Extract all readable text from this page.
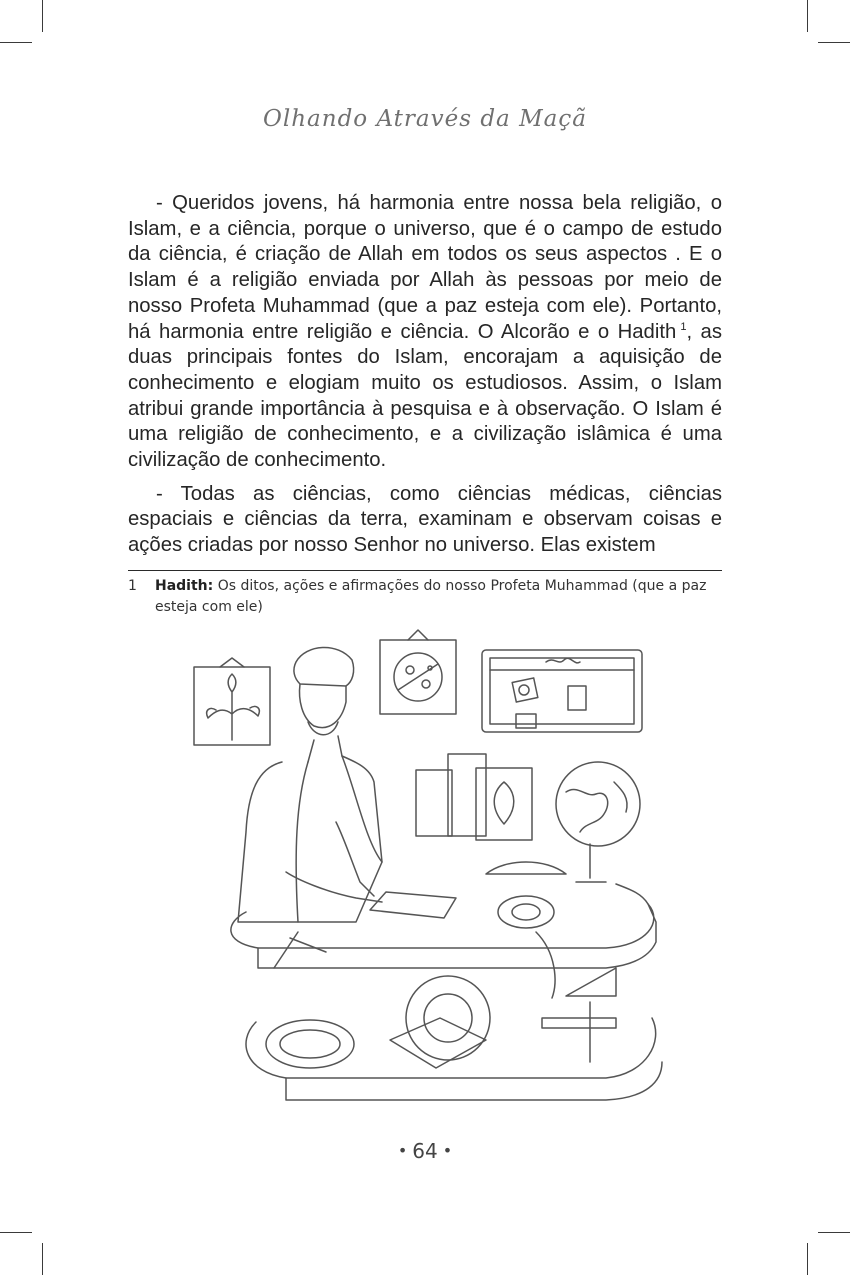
Olhando Através da Maçã

- Queridos jovens, há harmonia entre nossa bela religião, o Islam, e a ciência, porque o universo, que é o campo de estudo da ciência, é criação de Allah em todos os seus aspectos . E o Islam é a religião enviada por Allah às pessoas por meio de nosso Profeta Muhammad (que a paz esteja com ele). Portanto, há harmonia entre religião e ciência. O Alcorão e o Hadith  $^1$, as duas principais fontes do Islam, encorajam a aquisição de conhecimento e elogiam muito os estudiosos. Assim, o Islam atribui grande importância à pesquisa e à observação. O Islam é uma religião de conhecimento, e a civilização islâmica é uma civilização de conhecimento.

- Todas as ciências, como ciências médicas, ciências espaciais e ciências da terra, examinam e observam coisas e ações criadas por nosso Senhor no universo. Elas existem

1	Hadith: Os ditos, ações e afirmações do nosso Profeta Muhammad (que a paz esteja com ele)
• 64 •
